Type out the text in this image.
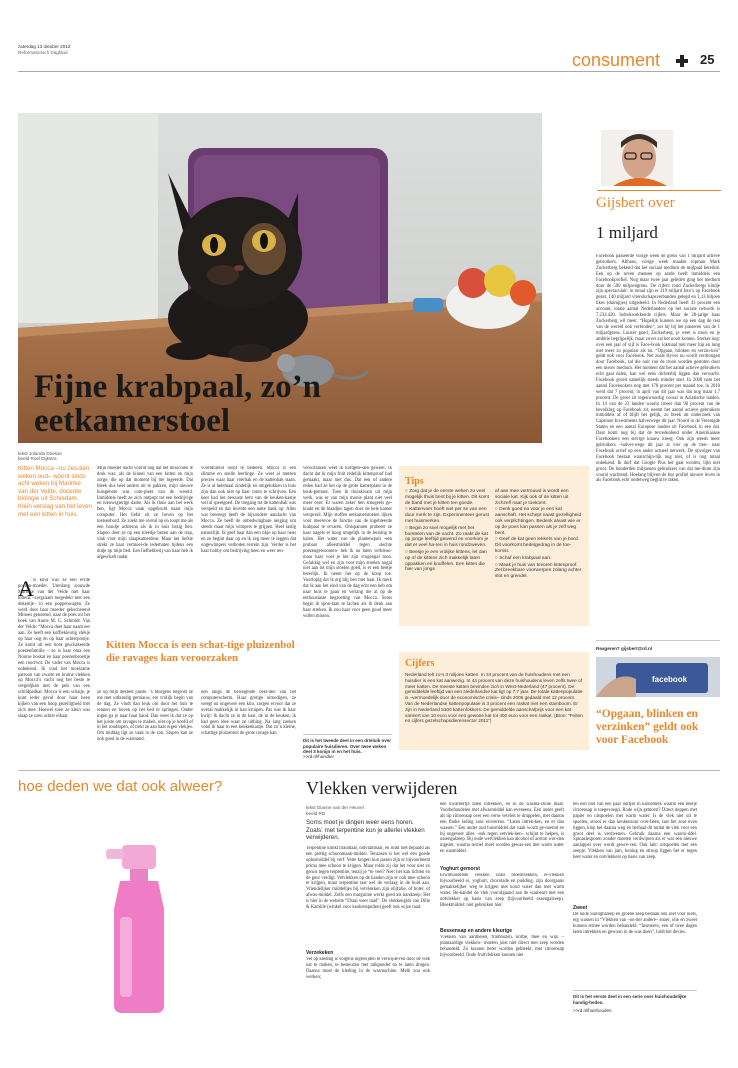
zaterdag 13 oktober 2012
Reformatorisch Dagblad	consument	25
Fijne krabpaal, zo’n eetkamerstoel
Gijsbert over
1 miljard
Facebook passeerde vorige week de grens van 1 miljard actieve gebruikers. Althans, vorige week maakte topman Mark Zuckerberg bekend dat het sociaal medium de mijlpaal bereikte. Een op de zeven mensen op aarde heeft inmiddels een Facebookprofiel. Nog maar twee jaar geleden ging het medium door de 500 miljoengrens. De cijfers rond Zuckerbergs kindje zijn spectaculair: in totaal zijn er 219 miljard foto’s op Facebook gezet, 140 miljard vriendschapsverbanden gelegd en 1,13 biljoen likes (duimpjes) uitgedeeld. In Nederland heeft 43 procent een account, totale aantal Nederlanders op het sociale netwerk is 7.234.420. Indrukwekkende cijfers. Maar de 28-jarige baas Zuckerberg wil meer. “Hopelijk kunnen we op een dag de rest van de wereld ook verbinden”, zei hij bij het passeren van de 1 miljardgrens. Luister goed, Zuckerberg, je weet is mooi en je ambitie begrijpelijk, maar zover zal het nooit komen. Sterker nog: over een jaar of vijf is Face-book lokmaal niet meer hip en long niet meer zo populair als nu. “Opgaan, blinken en verzin-ken” geldt ook voor Facebook. Net zoals Hyves nu wordt verdrongen door Facebook, zal die ooit van de troon worden gestoten door een nieuw medium. Het moment dat het aantal actieve gebruikers echt gaat dalen, kan wel eens dichterbij liggen dan verwacht. Facebook groeit namelijk steeds minder snel. In 2008 nam het aantal Facebookers nog met 178 procent per maand toe, in 2010 werd dat 7 procent, in april van dit jaar was dat nog maar 1,7 procent. De groei zit tegenwoordig vooral in Aziatische landen. In 14 van de 23 landen waarin (meer dan 90 procent van de bevolking op Facebook zit, neemt het aantal actieve gebruikers inmiddels af of blijft het gelijk, zo bleek uit onderzoek van Capstone Investments halverwege dit jaar. Noord in de Verenigde Staten en een aantal Europese landen zit Facebook in een dal. Daar komt nog bij dat de tevredenheid onder Amerikaanse Facebookers een stevige knauw kreeg. Ook zijn steeds meer gebruikers –halver-wege dit jaar al vier op de tien– naar Facebook actief op een ander actueel netwerk. De opvolger van Facebook bestaat waarschijn-lijk nog niet, of is nog totaal onbekend. Ik durf dat Google Plus het gaat worden, lijkt niet groot. De honderden miljoenen gebruikers van dat me-dium zijn vooral wachtend. Hoelang blijven de bus profiel nieuwe leven in als Facebook echt onderweg begint te raken.
Reageren? gijsbert@rd.nl
facebook
“Opgaan, blinken en verzinken” geldt ook voor Facebook
tekst Jolanda Driesse
beeld Roel Dijkstra
Kitten Mocca –nu zes-tien weken oud– woont sinds acht weken bij Marinke van der Velde, docente biologie uit Schiedam. Klein verslag van het leven met een kitten in huis.
A ls kind was ze een echte poezen-moeder. Urenlang sjouwde Marinke van der Velde met haar kittens –zorgzaam toegedekt met een dekentje– in een poppenwagen. Ze werd door haar moeder gekscherend Minoes genoemd, naar de poes uit het boek van Annie M. G. Schmidt. Van der Velde: “Mocca doet haar naam eer aan. Ze heeft een koffiekleurig vlekje op haar oog en op haar achterpootje. Ze komt uit een boot geschakeerde poezenfamilie – zo is haar oma een Noorse boskat en haar poezenbroertje een rood/wit. De vader van Mocca is onbekend. Ik vind het moeizame patroon van zwarte en bruine vlekken op Mocca’s vacht nog het beste te vergelijken met de pels van een schildpadkat. Mocca is een schatje, je kunt ieder geval door haar heen kijken van een hoop gezelligheid met zich mee. Hoewel toen ze klein was slaap ze uren achter elkaar.
Mijn moeder dacht vooraf nog dat het misschien te druk was: als de kinnel van een kitten en mijn zorge, die op dat moment bij me logeerde. Dat bleek dus heel anders uit te pakken, mijn nieuwe huisgenote was com-pleet van de wereld. Inmiddels heeft ze zich ontpopt tot een bedrijvige en nieuwsgierige dame. Als ik thuis aan het werk ben, ligt Mocca vaak opgekruld naast mijn computer. Het liefst zit ze boven op het toetsenbord. Ze zoekt me overal op en loopt me als een hondje achterna als ik in huis bezig ben. Slapen doet ze op een kleedje bezen aan de trap, vlak voor mijn slaapkamerdeur. Maar het liefste strekt ze haar vermoei-de ledematen tijdens een dutje op mijn bed. Een liefhebberij van haar heb ik afgeschaft nadat
voortdurend loopt te bedelen. Mocca is een slimme en snelle leerlinge. Ze weet al meteen precies waar haar voerbak en de kattenbak staan. Ze is al helemaal zindelijk en omgelukken in huis zijn dan ook niet op haar conto te schrijven. Een keer had het bewuste hem van de keuken-kastje wel al speelgoed. De toegang tot de kattenbak was verspeld en dat leverde een natte bank op. Alles wat beweegt heeft de bijzondere aandacht van Mocca. Ze heeft de onbedwingbare neiging om steeds maar mijn wimpers te grijpen. Heel lastig natuurlijk. Ik geef haar dan een tikje op haar neus en ze begint daar op en ik zeg meer te leggen dat ongewimpers verboden terrein zijn. Verder is het haar hobby om bedrijving heen en weer ren-
Kitten Mocca is een schat-tige pluizenbol die ravages kan veroorzaken
ze op mijn dekbed plaste. ‘s Morgens begroet ze me met uitbundig gemiauw, ere vrolijk begin van de dag. Ze vindt dan leuk om door het huis te rennen en boven op het bed te springen. Onder ingen ga je naar haar hand. Dan weet ik dat ze op het juiste om ravages te maken, niet op je hoofd of in het rondlopen, of trekt ze aan haar eigen vlekjes. Om middag ligt ze vaak in de zon. Slapen kan ze ook goed in de wasmand.
nen langs de bewegende beel-den van het computerscherm. Haar gretige uitnodigen, ze weegt nu ongeveer een kilo, zorgen ervoor dat ze overal makkelijk in kan kruipen. Pas was ik haar kwijt: ik dacht ze in de kast, de in de keuken, ik had geen idee waar ze uithing. Na lang zoeken vond ik haar in een keukenkastje. Dat zo’n kleine, schattige pluizenbol de grote ravage kan
veroorzaken weet ik kortgele-den gewent. Ik dacht dat ik mijn fruit redelijk kittenproof had gemaakt, maar niet dus. Dat een of andere reden had ze het op de grote kamerplant in de keuk-gemunt. Toen ik thuiskwam uit mijn werk, was er van mijn mooie plant niet veel meer over. Er waren zeker tien smogeels ge-knakt en de blaadjes lagen door de hele kamer verspreid. Mijn stoffen eetkamerstoelen lijken voor meenvoe de functie van de ingebleerde krabpaal te ervaren. Ontspannen probeert ze haar nagels er hoog omgelijk in de lenning te halen. Het water van de plantenspuit -een probaar afleermiddel tegen slechte poezengewoonten- heb ik nu laten verbleuo-maar haar voel je het zijn vrugengal toon. Gelukkig wel en zijn voor mijn stoelen nogal niet aan tot mijn stoelen goed, is er een beetje beterlijk. Ik neem het op de koop toe. Voorlopig dat ik erg blij ben met haar. Ik merk dat ik aan het eind van de dag echt een heb om naar huis te gaan en verlang me al op de enthousiaste begroeting van Mocca. Soms begin ik spon-taan te lachen als ik denk aan haar streken. Ik zou haar voor geen goud meer willen missen.
Dit is het tweede deel in een drieluik over populaire huisdieren. Over twee weken deel 3 konijn in en het huis.
>>rd.nl/huisdier
Tips
○ Zorg dat je de eerste weken zo veel mogelijk thuis bent bij je kitten. Dit komt de band met je kitten ten goede.
○ Kattenvoer hoeft niet per se van een duur merk te zijn. Experimenteer gerust met huismerken.
○ Begin zo snel mogelijk met het borstelen van de vacht. Zo raakt de kat op jonge leeftijd gewend en voorkom je dat er veel ha-ren in huis rondzweven.
○ Beesje je een vrolijke kittens, let dan op of de kittens zich makkelijk laten oppakken en knuffelen. Een kitten die hier van jongs
af aan mee vertrouwd is wordt een sociale kat. Kijk ook of de kitten uit zichzelf naar je toekomt.
○ Denk goed na voor je een kat aanschaft. Het schept naast gezelligheid ook verplichtingen. Bedenk alvast wie er op de poes kan passen als je zelf weg bent.
○ Geef de kat geen lekkers van je bord. Dit voorkomt bedelgedrag in de toe-komst.
○ Schaf een krabpaal aan.
○ Maak je huis van tevoren kittenproof. Zet breekbare voorwerpen zolang achter slot en grendel.
Cijfers
Nederland telt zo’n 3 miljoen katten. In 34 procent van de huishoudens met een huisdier is een kat aanwezig. In 44 procent van deze huishoudens leven zelfs twee of meer katten. De meeste katten bevinden zich in West-Nederland (47 procent). De gemiddelde leeftijd van een Nederlandse kat ligt op 7,7 jaar. De totale kattenpopulatie is –vermoedelijk door de economische crisis– sinds 2006 gedaald met 12 procent. Van de Nederlandse kattenpopulatie is 3 procent een raskat met een stamboom. Er zijn in Nederland 5100 kattenfokkers. De gemiddelde aanschafprijs voor een kat varieert van 10 euro voor een gewone kat tot 400 euro voor een raskat. (Bron: “Feiten en cijfers gezelschapsdierensector 2011”)
hoe deden we dat ook alweer?	Vlekken verwijderen
tekst Dianne van der Heuvel
beeld RD
Soms moet je dingen weer eens horen. Zoals: met terpentine kun je allerlei vlekken verwijderen.
Terpentine klinkt braudtaar, ontvlambaar, en ruikt niet bepaald als een prettig schoonmaak-middel. Tenzasen is het wel een goede oplosmiddel bij verf. Vette krogen kun jassen zijn er bijvoorbeeld prima mee schoon te krijgen. Maar rolde zij dat het voor niet zo gerust tegen terpentine, tenzij je “te veel? Nee: het kan lichten en de geur verdigt. Vetvlekken op de handen zijn er ook mee schoon te krijgen, maar terpentine tast wel de verlaag in de huid aan. Vriendelijker middeltjes bij vetvlekken zijn olijfolie, of boter, of afwas-middel. Zelfs een margarine werkt goed als handzeep. Het is hier in de website “Draai weer raad”. De vlekkengids van Dille & Kamille (winkel voor keukenspullen) geeft ook wijze raad.
Verzekeken
Vet op kleding is volgens ingewijden te verwijde-ren door de vlek nat te maken, te besteuzen met talkpoeder en te laten drogen. Daarna moet de kleding in de wasmachine. Melk zou ook werken;
een kwartiertje laten intrekken, en in de wasma-chine maar. Voorbehandelen met afwasmiddel kan eveneens. Een ander geeft als tip citroensap over een verse vetvlek te druppelen, met daaron een flinke lading zout erovereus. “Laten intrek-ken, en er dan wassen.” Een ander oud huismiddel dat vaak wordt ge-noemd en bij ongeveer alles –ook tegen vetvlek-ken– schijnt te helpen, is ossengalzeep. Bij oude wetvlekken kan alcohol of aceton wor-den ingezet, waarna textiel moet worden gewas-sen met warm water en wasmiddel.
Yoghurt gemorst
Eiwithoudende vlekken zoals bloedvlekken, ei-vlekken bijvoorbeeld ei, yoghurt, chocolade en pudding, zijn doorgaans gemakkelijker weg te krijgen met koud water dan met warm water. Be-handel de vlek voorafgaand aan de wasbeurt met een ontvlekker op basis van zeep (bijvoorbeeld ossengalzeep). Bleekmiddel: niet gebruiken hier.
Bessensap en andere kleurige
Vlekken van aardbeien, frambozen, koffie, thee en wijn –plantaardige vlekken– moeten juist niet direct met zeep worden behandeld. Zo kunnen beter worden gebleekt, met citroensap bijvoorbeeld. Oude fruitvlekken kunnen niet
ten een bad van een paar uurtjes in karnemelk waarin een beetje citroensap is toegevoegd. Rode wijn gemorst? Direct deppen met papier en uitspoelen met warm water. Is de vlek niet uit te spoelen, strooi er dan keukenzout over-heen, laat het zout even liggen, klop het daarna weg en herhaal dit totdat de vlek voor een groot deel is verdwenen. Gebruik daarna een wasmi-ddel. Spinaziesporen zonder moeten verdwijnen als er wat een nieuwe aanlappel over wordt gewre-ven. Ook lakt: uitspoelen met een zeepje. Vlekken van jam, honing en stroop liggen het er tegen heet water en ontvlekkers op basis van zeep.
Zweet
De oude Sunlightzeep en groene zeep bestaan ook niet voor niets, erg wassen in “Vlekken van –on-der andere– snoer, olie en zweet kunnen ermee worden behandeld. “Insmeren, een of twee dagen laten intrekken en gewoon in de was doen”, luidt het devies.
Dit is het eerste deel in een serie over huishoudelijke handig-heden.
>>rd.nl/huishouden
